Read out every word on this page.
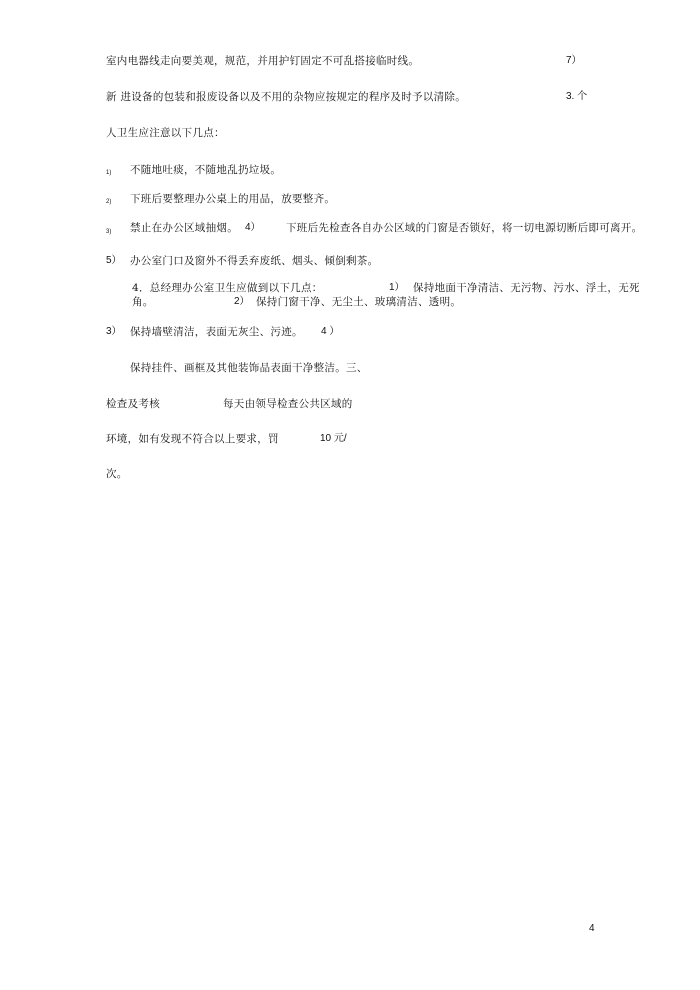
室内电器线走向要美观，规范，并用护钉固定不可乱搭接临时线。	7）
新 进设备的包装和报废设备以及不用的杂物应按规定的程序及时予以清除。	3. 个
人卫生应注意以下几点：
1) 不随地吐痰，不随地乱扔垃圾。
2) 下班后要整理办公桌上的用品，放要整齐。
3) 禁止在办公区域抽烟。 4） 下班后先检查各自办公区域的门窗是否锁好，将一切电源切断后即可离开。
5） 办公室门口及窗外不得丢弃废纸、烟头、倾倒剩茶。
4．总经理办公室卫生应做到以下几点：	1） 保持地面干净清洁、无污物、污水、浮土，无死
角。	2） 保持门窗干净、无尘土、玻璃清洁、透明。
3） 保持墙壁清洁，表面无灰尘、污迹。 4 ）
保持挂件、画框及其他装饰品表面干净整洁。三、
检查及考核	每天由领导检查公共区域的
环境，如有发现不符合以上要求，罚	10 元/
次。
4
